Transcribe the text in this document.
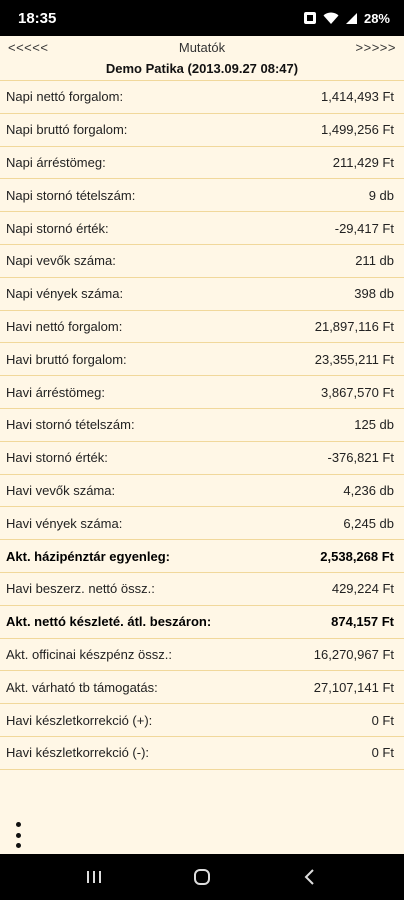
18:35	28%
<<<<<	Mutatók	>>>>>
Demo Patika (2013.09.27 08:47)
Napi nettó forgalom:	1,414,493 Ft
Napi bruttó forgalom:	1,499,256 Ft
Napi árréstömeg:	211,429 Ft
Napi stornó tételszám:	9 db
Napi stornó érték:	-29,417 Ft
Napi vevők száma:	211 db
Napi vények száma:	398 db
Havi nettó forgalom:	21,897,116 Ft
Havi bruttó forgalom:	23,355,211 Ft
Havi árréstömeg:	3,867,570 Ft
Havi stornó tételszám:	125 db
Havi stornó érték:	-376,821 Ft
Havi vevők száma:	4,236 db
Havi vények száma:	6,245 db
Akt. házipénztár egyenleg:	2,538,268 Ft
Havi beszerz. nettó össz.:	429,224 Ft
Akt. nettó készleté. átl. beszáron:	874,157 Ft
Akt. officinai készpénz össz.:	16,270,967 Ft
Akt. várható tb támogatás:	27,107,141 Ft
Havi készletkorrekció (+):	0 Ft
Havi készletkorrekció (-):	0 Ft
